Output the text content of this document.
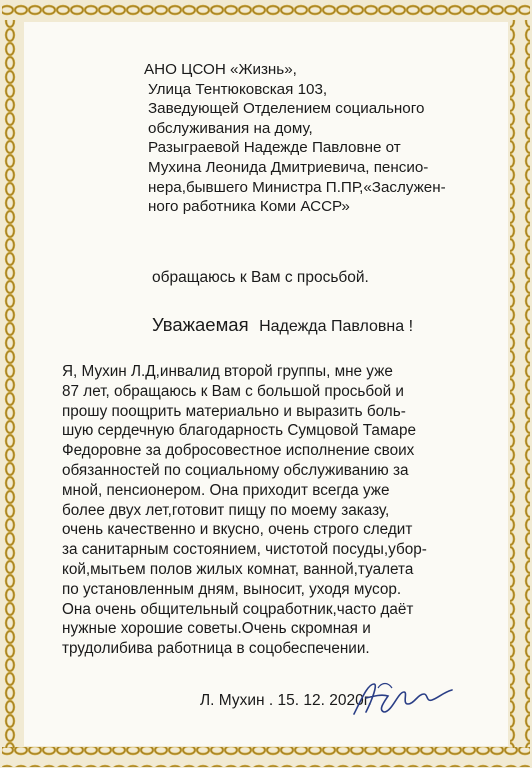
АНО ЦСОН «Жизнь»,
Улица Тентюковская 103,
Заведующей Отделением социального
обслуживания на дому,
Разыграевой Надежде Павловне от
Мухина Леонида Дмитриевича, пенсио-
нера,бывшего Министра П.ПР,«Заслужен-
ного работника Коми АССР»
обращаюсь к Вам с просьбой.
Уважаемая Надежда Павловна !
Я, Мухин Л.Д,инвалид второй группы, мне уже
87 лет, обращаюсь к Вам с большой просьбой и
прошу поощрить материально и выразить боль-
шую сердечную благодарность Сумцовой Тамаре
Федоровне за добросовестное исполнение своих
обязанностей по социальному обслуживанию за
мной, пенсионером. Она приходит всегда уже
более двух лет,готовит пищу по моему заказу,
очень качественно и вкусно, очень строго следит
за санитарным состоянием, чистотой посуды,убор-
кой,мытьем полов жилых комнат, ванной,туалета
по установленным дням, выносит, уходя мусор.
Она очень общительный соцработник,часто даёт
нужные хорошие советы.Очень скромная и
трудолибива работница в соцобеспечении.
Л. Мухин . 15. 12. 2020г.
